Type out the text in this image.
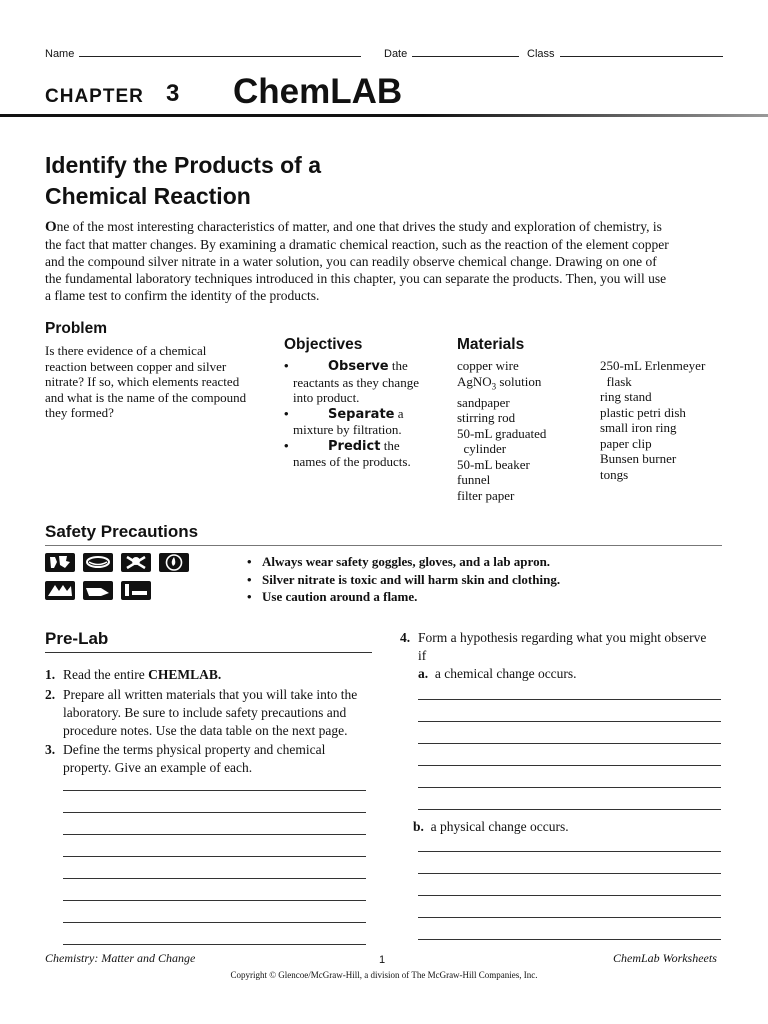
Name	Date	Class
CHAPTER 3 ChemLAB
Identify the Products of a
Chemical Reaction
One of the most interesting characteristics of matter, and one that drives the study and exploration of chemistry, is the fact that matter changes. By examining a dramatic chemical reaction, such as the reaction of the element copper and the compound silver nitrate in a water solution, you can readily observe chemical change. Drawing on one of the fundamental laboratory techniques introduced in this chapter, you can separate the products. Then, you will use a flame test to confirm the identity of the products.
Problem
Is there evidence of a chemical
reaction between copper and silver
nitrate? If so, which elements reacted
and what is the name of the compound
they formed?
Objectives
•	Observe the
reactants as they change
into product.
•	Separate a
mixture by filtration.
•	Predict the
names of the products.
Materials
copper wire
AgNO$_3$ solution
sandpaper
stirring rod
50-mL graduated
cylinder
50-mL beaker
funnel
filter paper
250-mL Erlenmeyer
flask
ring stand
plastic petri dish
small iron ring
paper clip
Bunsen burner
tongs
Safety Precautions
• Always wear safety goggles, gloves, and a lab apron.
• Silver nitrate is toxic and will harm skin and clothing.
• Use caution around a flame.
Pre-Lab
1. Read the entire CHEMLAB.
2. Prepare all written materials that you will take into the
laboratory. Be sure to include safety precautions and
procedure notes. Use the data table on the next page.
3. Define the terms physical property and chemical
property. Give an example of each.
4. Form a hypothesis regarding what you might observe
if
a. a chemical change occurs.
b. a physical change occurs.
Chemistry: Matter and Change	1	ChemLab Worksheets
Copyright © Glencoe/McGraw-Hill, a division of The McGraw-Hill Companies, Inc.
